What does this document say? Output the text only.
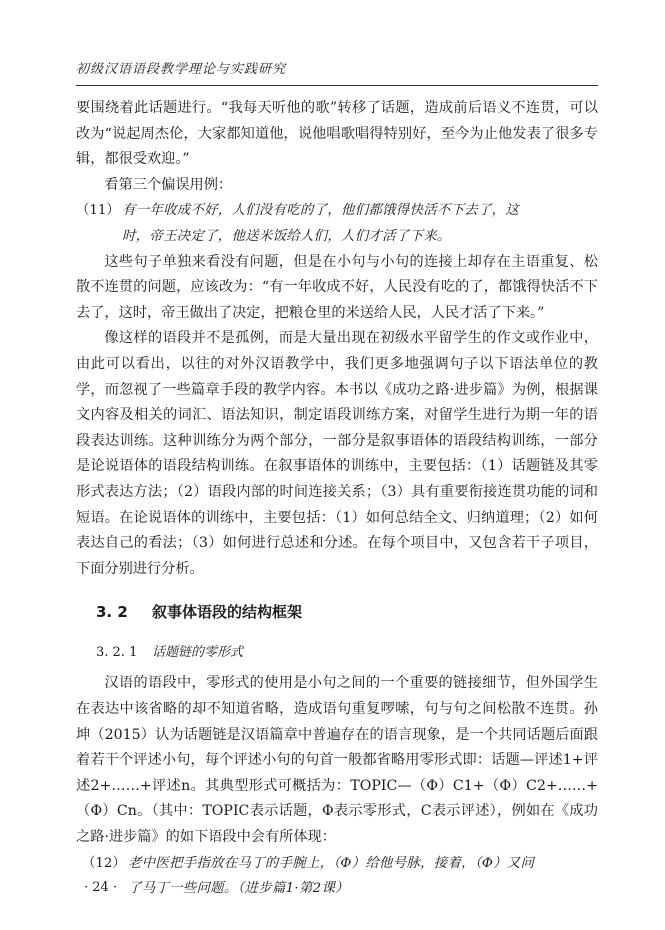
初级汉语语段教学理论与实践研究

要围绕着此话题进行。“我每天听他的歌”转移了话题，造成前后语义不连贯，可以改为“说起周杰伦，大家都知道他，说他唱歌唱得特别好，至今为止他发表了很多专辑，都很受欢迎。”

看第三个偏误用例：

（11） 有一年收成不好，人们没有吃的了，他们都饿得快活不下去了，这
时，帝王决定了，他送米饭给人们，人们才活了下来。

这些句子单独来看没有问题，但是在小句与小句的连接上却存在主语重复、松散不连贯的问题，应该改为：“有一年收成不好，人民没有吃的了，都饿得快活不下去了，这时，帝王做出了决定，把粮仓里的米送给人民，人民才活了下来。”

像这样的语段并不是孤例，而是大量出现在初级水平留学生的作文或作业中，由此可以看出，以往的对外汉语教学中，我们更多地强调句子以下语法单位的教学，而忽视了一些篇章手段的教学内容。本书以《成功之路·进步篇》为例，根据课文内容及相关的词汇、语法知识，制定语段训练方案，对留学生进行为期一年的语段表达训练。这种训练分为两个部分，一部分是叙事语体的语段结构训练，一部分是论说语体的语段结构训练。在叙事语体的训练中，主要包括：（1）话题链及其零形式表达方法；（2）语段内部的时间连接关系；（3）具有重要衔接连贯功能的词和短语。在论说语体的训练中，主要包括：（1）如何总结全文、归纳道理；（2）如何表达自己的看法；（3）如何进行总述和分述。在每个项目中，又包含若干子项目，下面分别进行分析。

3. 2 叙事体语段的结构框架
3. 2. 1 话题链的零形式

汉语的语段中，零形式的使用是小句之间的一个重要的链接细节，但外国学生在表达中该省略的却不知道省略，造成语句重复啰嗦，句与句之间松散不连贯。孙坤（2015）认为话题链是汉语篇章中普遍存在的语言现象，是一个共同话题后面跟着若干个评述小句，每个评述小句的句首一般都省略用零形式即：话题—评述1+评述2+……+评述n。其典型形式可概括为：TOPIC—（Φ）C1+（Φ）C2+……+（Φ）Cn。（其中：TOPIC表示话题，Φ表示零形式，C表示评述），例如在《成功之路·进步篇》的如下语段中会有所体现：

（12） 老中医把手指放在马丁的手腕上，（Φ）给他号脉，接着，（Φ）又问
了马丁一些问题。（进步篇1·第2课）
· 24 ·
